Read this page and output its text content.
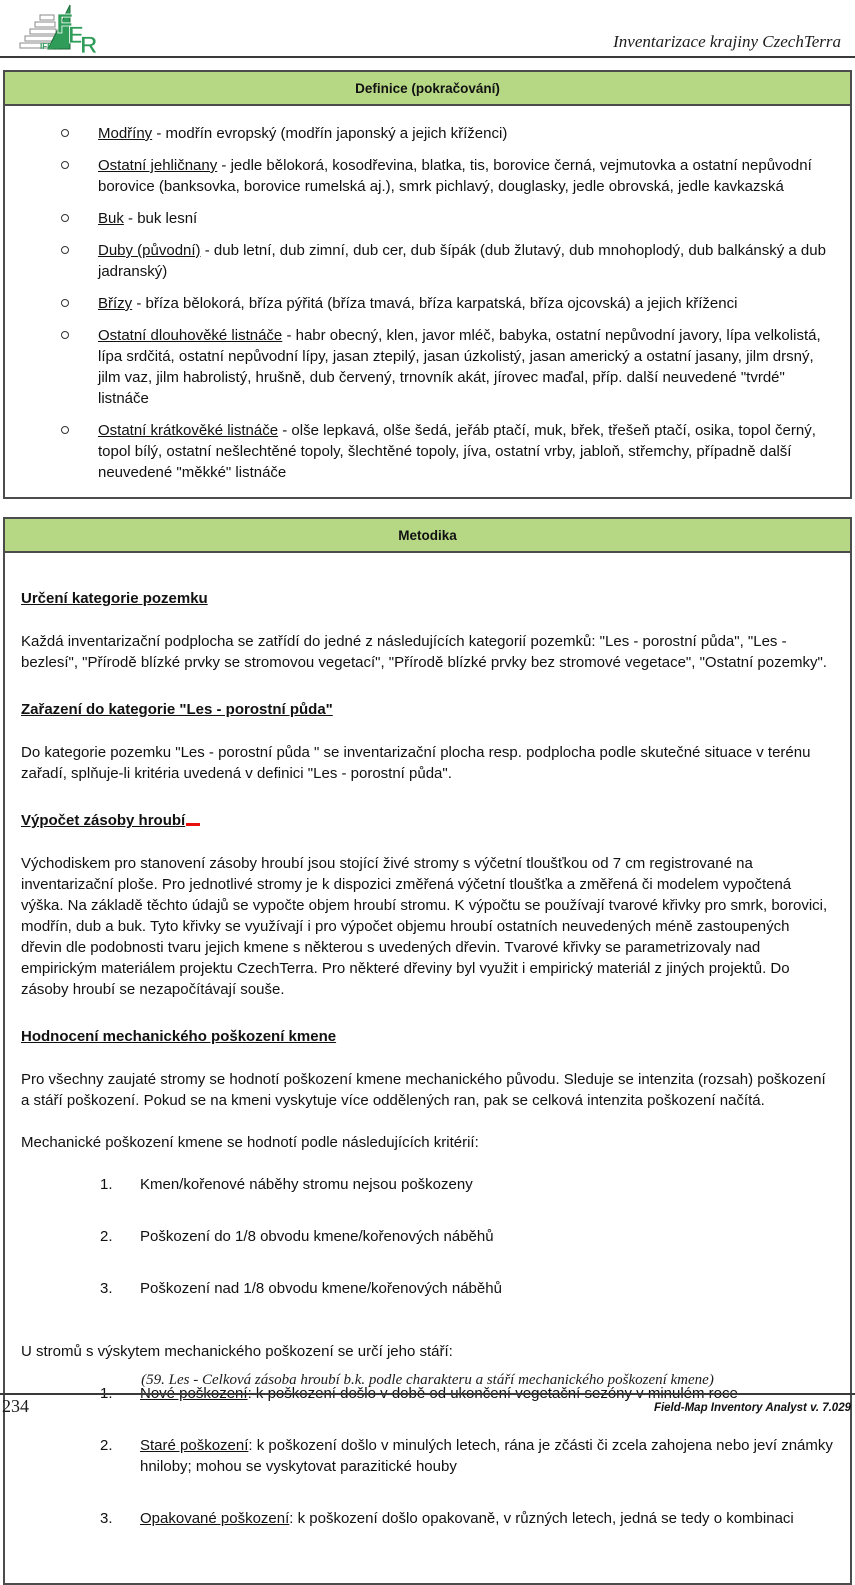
F
E
R
IFER	Inventarizace krajiny CzechTerra
Definice (pokračování)

Modříny - modřín evropský (modřín japonský a jejich kříženci)

Ostatní jehličnany - jedle bělokorá, kosodřevina, blatka, tis, borovice černá, vejmutovka a ostatní nepůvodní borovice (banksovka, borovice rumelská aj.), smrk pichlavý, douglasky, jedle obrovská, jedle kavkazská

Buk - buk lesní

Duby (původní) - dub letní, dub zimní, dub cer, dub šípák (dub žlutavý, dub mnohoplodý, dub balkánský a dub jadranský)

Břízy - bříza bělokorá, bříza pýřitá (bříza tmavá, bříza karpatská, bříza ojcovská) a jejich kříženci

Ostatní dlouhověké listnáče - habr obecný, klen, javor mléč, babyka, ostatní nepůvodní javory, lípa velkolistá, lípa srdčitá, ostatní nepůvodní lípy, jasan ztepilý, jasan úzkolistý, jasan americký a ostatní jasany, jilm drsný, jilm vaz, jilm habrolistý, hrušně, dub červený, trnovník akát, jírovec maďal, příp. další neuvedené "tvrdé" listnáče

Ostatní krátkověké listnáče - olše lepkavá, olše šedá, jeřáb ptačí, muk, břek, třešeň ptačí, osika, topol černý, topol bílý, ostatní nešlechtěné topoly, šlechtěné topoly, jíva, ostatní vrby, jabloň, střemchy, případně další neuvedené "měkké" listnáče

Metodika
Určení kategorie pozemku

Každá inventarizační podplocha se zatřídí do jedné z následujících kategorií pozemků: "Les - porostní půda", "Les - bezlesí", "Přírodě blízké prvky se stromovou vegetací", "Přírodě blízké prvky bez stromové vegetace", "Ostatní pozemky".

Zařazení do kategorie "Les - porostní půda"

Do kategorie pozemku "Les - porostní půda " se inventarizační plocha resp. podplocha podle skutečné situace v terénu zařadí, splňuje-li kritéria uvedená v definici "Les - porostní půda".

Výpočet zásoby hroubí

Východiskem pro stanovení zásoby hroubí jsou stojící živé stromy s výčetní tloušťkou od 7 cm registrované na inventarizační ploše. Pro jednotlivé stromy je k dispozici změřená výčetní tloušťka a změřená či modelem vypočtená výška. Na základě těchto údajů se vypočte objem hroubí stromu. K výpočtu se používají tvarové křivky pro smrk, borovici, modřín, dub a buk. Tyto křivky se využívají i pro výpočet objemu hroubí ostatních neuvedených méně zastoupených dřevin dle podobnosti tvaru jejich kmene s některou s uvedených dřevin. Tvarové křivky se parametrizovaly nad empirickým materiálem projektu CzechTerra. Pro některé dřeviny byl využit i empirický materiál z jiných projektů. Do zásoby hroubí se nezapočítávají souše.

Hodnocení mechanického poškození kmene

Pro všechny zaujaté stromy se hodnotí poškození kmene mechanického původu. Sleduje se intenzita (rozsah) poškození a stáří poškození. Pokud se na kmeni vyskytuje více oddělených ran, pak se celková intenzita poškození načítá.

Mechanické poškození kmene se hodnotí podle následujících kritérií:

1.	Kmen/kořenové náběhy stromu nejsou poškozeny

2.	Poškození do 1/8 obvodu kmene/kořenových náběhů

3.	Poškození nad 1/8 obvodu kmene/kořenových náběhů

U stromů s výskytem mechanického poškození se určí jeho stáří:

1.	Nové poškození: k poškození došlo v době od ukončení vegetační sezóny v minulém roce

2.	Staré poškození: k poškození došlo v minulých letech, rána je zčásti či zcela zahojena nebo jeví známky hniloby; mohou se vyskytovat parazitické houby

3.	Opakované poškození: k poškození došlo opakovaně, v různých letech, jedná se tedy o kombinaci

(59. Les - Celková zásoba hroubí b.k. podle charakteru a stáří mechanického poškození kmene)
234	Field-Map Inventory Analyst v. 7.029
